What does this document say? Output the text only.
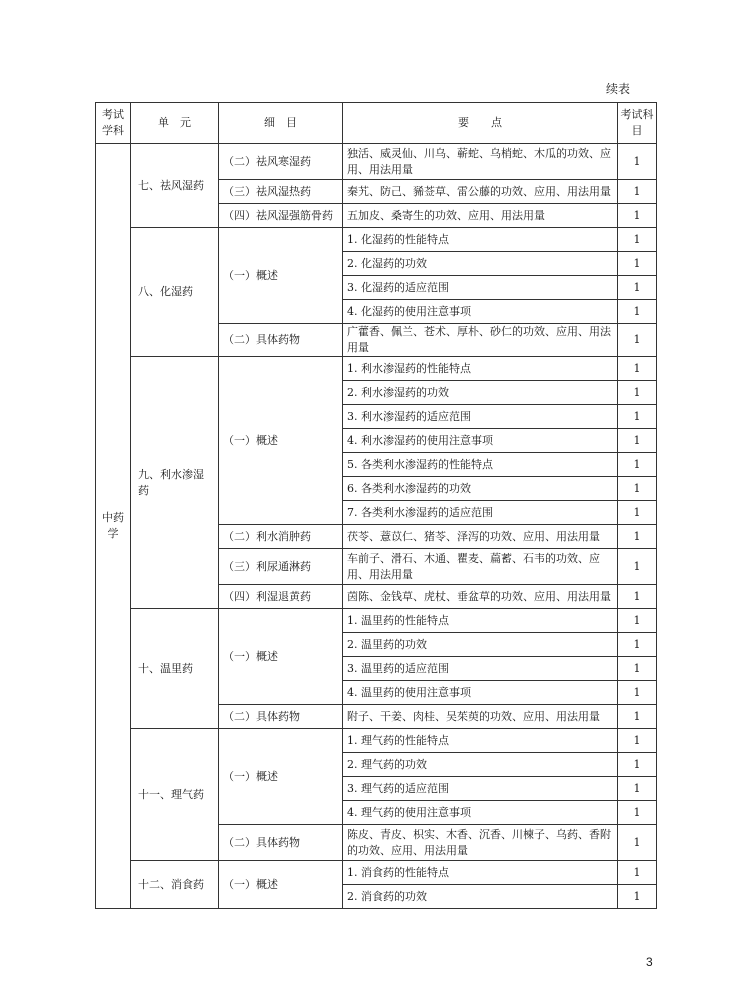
续表
考试学科	单　元	细　目	要　　点	考试科目
中药学	七、祛风湿药	（二）祛风寒湿药	独活、威灵仙、川乌、蕲蛇、乌梢蛇、木瓜的功效、应用、用法用量	1
		（三）祛风湿热药	秦艽、防己、豨莶草、雷公藤的功效、应用、用法用量	1
		（四）祛风湿强筋骨药	五加皮、桑寄生的功效、应用、用法用量	1
	八、化湿药	（一）概述	1. 化湿药的性能特点	1
			2. 化湿药的功效	1
			3. 化湿药的适应范围	1
			4. 化湿药的使用注意事项	1
		（二）具体药物	广藿香、佩兰、苍术、厚朴、砂仁的功效、应用、用法用量	1
	九、利水渗湿药	（一）概述	1. 利水渗湿药的性能特点	1
			2. 利水渗湿药的功效	1
			3. 利水渗湿药的适应范围	1
			4. 利水渗湿药的使用注意事项	1
			5. 各类利水渗湿药的性能特点	1
			6. 各类利水渗湿药的功效	1
			7. 各类利水渗湿药的适应范围	1
		（二）利水消肿药	茯苓、薏苡仁、猪苓、泽泻的功效、应用、用法用量	1
		（三）利尿通淋药	车前子、滑石、木通、瞿麦、萹蓄、石韦的功效、应用、用法用量	1
		（四）利湿退黄药	茵陈、金钱草、虎杖、垂盆草的功效、应用、用法用量	1
	十、温里药	（一）概述	1. 温里药的性能特点	1
			2. 温里药的功效	1
			3. 温里药的适应范围	1
			4. 温里药的使用注意事项	1
		（二）具体药物	附子、干姜、肉桂、吴茱萸的功效、应用、用法用量	1
	十一、理气药	（一）概述	1. 理气药的性能特点	1
			2. 理气药的功效	1
			3. 理气药的适应范围	1
			4. 理气药的使用注意事项	1
		（二）具体药物	陈皮、青皮、枳实、木香、沉香、川楝子、乌药、香附的功效、应用、用法用量	1
	十二、消食药	（一）概述	1. 消食药的性能特点	1
			2. 消食药的功效	1
3
